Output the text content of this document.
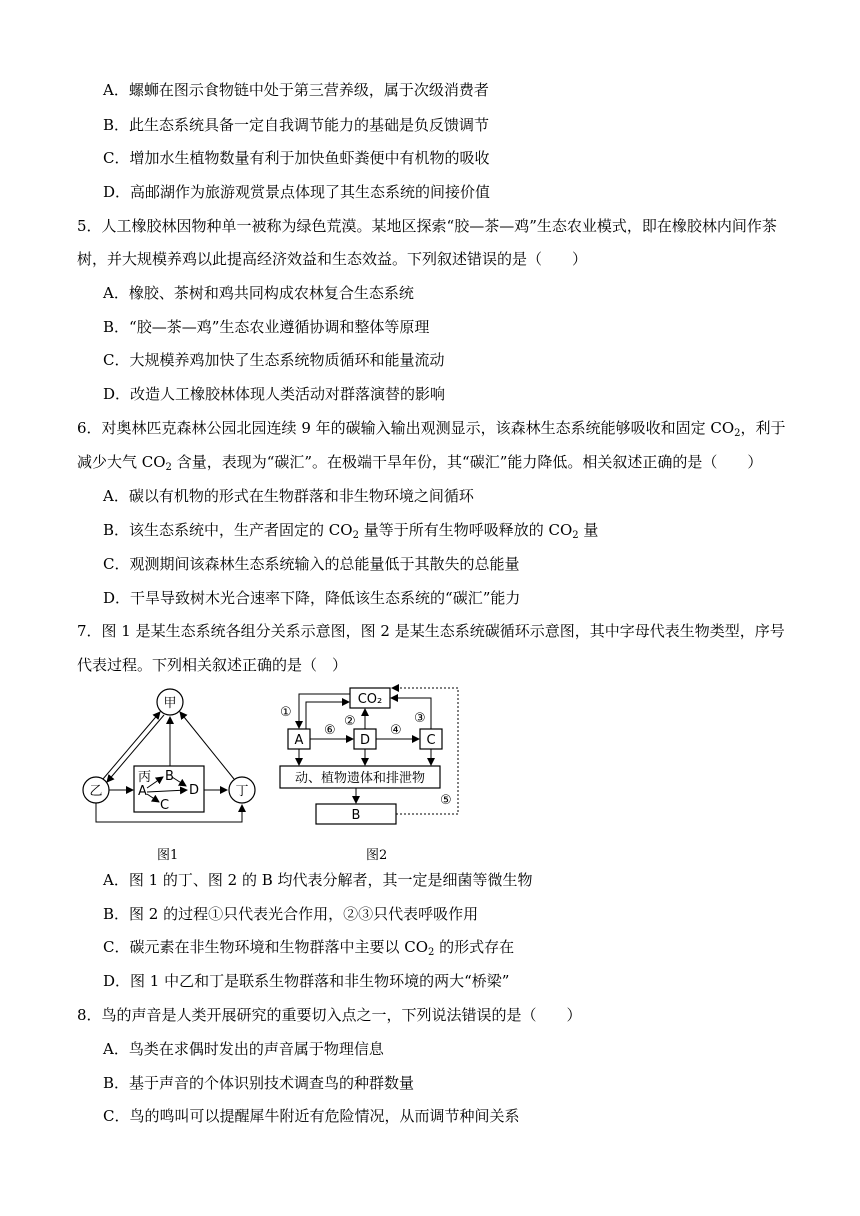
A．螺蛳在图示食物链中处于第三营养级，属于次级消费者
B．此生态系统具备一定自我调节能力的基础是负反馈调节
C．增加水生植物数量有利于加快鱼虾粪便中有机物的吸收
D．高邮湖作为旅游观赏景点体现了其生态系统的间接价值
5．人工橡胶林因物种单一被称为绿色荒漠。某地区探索“胶—茶—鸡”生态农业模式，即在橡胶林内间作茶
树，并大规模养鸡以此提高经济效益和生态效益。下列叙述错误的是（　　）
A．橡胶、茶树和鸡共同构成农林复合生态系统
B．“胶—茶—鸡”生态农业遵循协调和整体等原理
C．大规模养鸡加快了生态系统物质循环和能量流动
D．改造人工橡胶林体现人类活动对群落演替的影响
6．对奥林匹克森林公园北园连续 9 年的碳输入输出观测显示，该森林生态系统能够吸收和固定 $CO_2$，利于
减少大气 $CO_2$ 含量，表现为“碳汇”。在极端干旱年份，其“碳汇”能力降低。相关叙述正确的是（　　）
A．碳以有机物的形式在生物群落和非生物环境之间循环
B．该生态系统中，生产者固定的 $CO_2$ 量等于所有生物呼吸释放的 $CO_2$ 量
C．观测期间该森林生态系统输入的总能量低于其散失的总能量
D．干旱导致树木光合速率下降，降低该生态系统的“碳汇”能力
7．图 1 是某生态系统各组分关系示意图，图 2 是某生态系统碳循环示意图，其中字母代表生物类型，序号
代表过程。下列相关叙述正确的是（　）
甲
乙	丁
丙 B
A
C
D
图1
CO₂
A	D	C
动、植物遗体和排泄物
B
①
⑥	④
②	③
⑤
图2
A．图 1 的丁、图 2 的 B 均代表分解者，其一定是细菌等微生物
B．图 2 的过程①只代表光合作用，②③只代表呼吸作用
C．碳元素在非生物环境和生物群落中主要以 $CO_2$ 的形式存在
D．图 1 中乙和丁是联系生物群落和非生物环境的两大“桥梁”
8．鸟的声音是人类开展研究的重要切入点之一，下列说法错误的是（　　）
A．鸟类在求偶时发出的声音属于物理信息
B．基于声音的个体识别技术调查鸟的种群数量
C．鸟的鸣叫可以提醒犀牛附近有危险情况，从而调节种间关系
